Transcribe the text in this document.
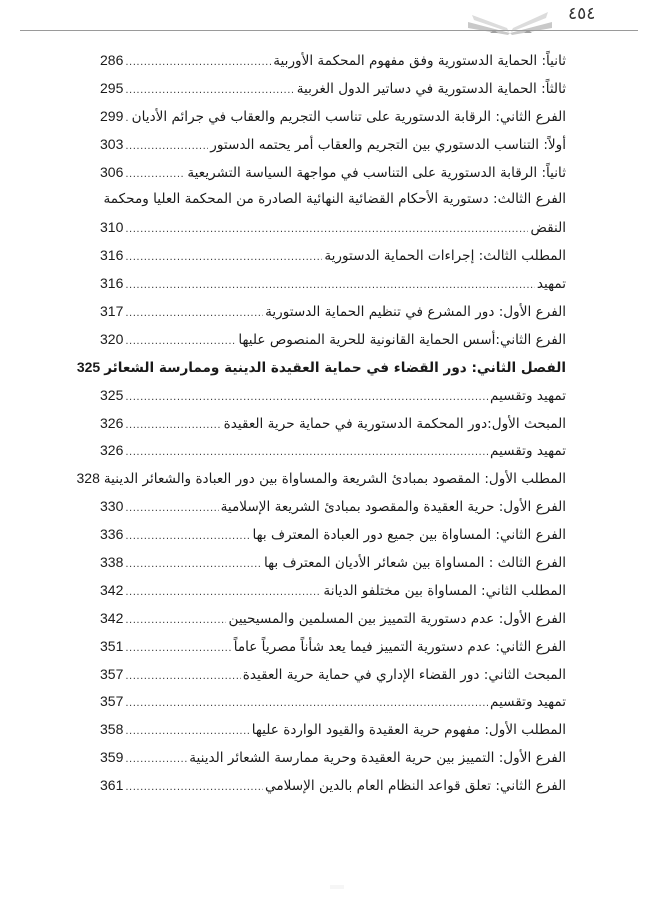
٤٥٤
ثانياً: الحماية الدستورية وفق مفهوم المحكمة الأوربية
.....
286
ثالثاً: الحماية الدستورية في دساتير الدول الغربية
.....
295
الفرع الثاني: الرقابة الدستورية على تناسب التجريم والعقاب في جرائم الأديان
.....
299
أولاً: التناسب الدستوري بين التجريم والعقاب أمر يحتمه الدستور
.....
303
ثانياً: الرقابة الدستورية على التناسب في مواجهة السياسة التشريعية
.....
306
الفرع الثالث: دستورية الأحكام القضائية النهائية الصادرة من المحكمة العليا ومحكمة
النقض
.....
310
المطلب الثالث: إجراءات الحماية الدستورية
.....
316
تمهيد
.....
316
الفرع الأول: دور المشرع في تنظيم الحماية الدستورية
.....
317
الفرع الثاني:أسس الحماية القانونية للحرية المنصوص عليها
.....
320
الفصل الثاني: دور القضاء في حماية العقيدة الدينية وممارسة الشعائر
325
تمهيد وتقسيم
.....
325
المبحث الأول:دور المحكمة الدستورية في حماية حرية العقيدة
.....
326
تمهيد وتقسيم
.....
326
المطلب الأول: المقصود بمبادئ الشريعة والمساواة بين دور العبادة والشعائر الدينية
328
الفرع الأول: حرية العقيدة والمقصود بمبادئ الشريعة الإسلامية
.....
330
الفرع الثاني: المساواة بين جميع دور العبادة المعترف بها
.....
336
الفرع الثالث : المساواة بين شعائر الأديان المعترف بها
.....
338
المطلب الثاني: المساواة بين مختلفو الديانة
.....
342
الفرع الأول: عدم دستورية التمييز بين المسلمين والمسيحيين
.....
342
الفرع الثاني: عدم دستورية التمييز فيما يعد شأناً مصرياً عاماً
.....
351
المبحث الثاني: دور القضاء الإداري في حماية حرية العقيدة
.....
357
تمهيد وتقسيم
.....
357
المطلب الأول: مفهوم حرية العقيدة والقيود الواردة عليها
.....
358
الفرع الأول: التمييز بين حرية العقيدة وحرية ممارسة الشعائر الدينية
.....
359
الفرع الثاني: تعلق قواعد النظام العام بالدين الإسلامي
.....
361
